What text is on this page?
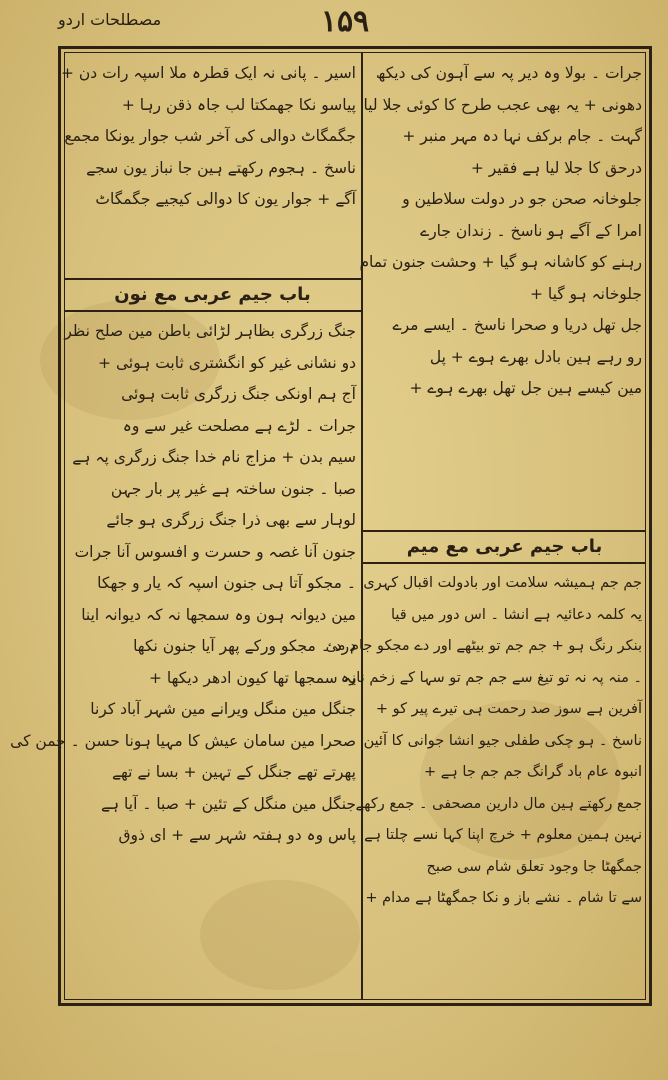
مصطلحات اردو	۱۵۹
اسیر ۔ پانی نہ ایک قطرہ ملا اسپہ رات دن +
پیاسو نکا جھمکتا لب جاہ ذقن رہا +
جگمگاٹ دوالی کی آخر شب جوار یونکا مجمع
ناسخ ۔ ہجوم رکھتے ہین جا نباز یون سجے
آگے + جوار یون کا دوالی کیجیے جگمگاٹ
باب جیم عربی مع نون
جنگ زرگری بظاہر لڑائی باطن مین صلح نظر
دو نشانی غیر کو انگشتری ثابت ہوئی +
آج ہم اونکی جنگ زرگری ثابت ہوئی
جرات ۔ لڑے ہے مصلحت غیر سے وہ
سیم بدن + مزاج نام خدا جنگ زرگری پہ ہے
صبا ۔ جنون ساختہ ہے غیر پر بار جہن
لوہار سے بھی ذرا جنگ زرگری ہو جائے
جنون آنا غصہ و حسرت و افسوس آنا جرات
۔ مجکو آتا ہی جنون اسپہ کہ یار و جھکا
مین دیوانہ ہون وہ سمجھا نہ کہ دیوانہ اینا
درد ۔ مجکو ورکے پھر آیا جنون نکھا
یہ سمجھا تھا کیون ادھر دیکھا +
جنگل مین منگل ویرانے مین شہر آباد کرنا
صحرا مین سامان عیش کا مہیا ہونا حسن ۔ جمن کی
پھرتے تھے جنگل کے تہین + بسا نے تھے
جنگل مین منگل کے تئین + صبا ۔ آیا ہے
پاس وہ دو ہفتہ شہر سے + ای ذوق
جرات ۔ بولا وہ دیر پہ سے آہون کی دیکھ
دھونی + یہ بھی عجب طرح کا کوئی جلا لیا
گہت ۔ جام برکف نہا دہ مہر منبر +
درحق کا جلا لیا ہے فقیر +
جلوخانہ صحن جو در دولت سلاطین و
امرا کے آگے ہو ناسخ ۔ زندان جارے
رہنے کو کاشانہ ہو گیا + وحشت جنون تمام
جلوخانہ ہو گیا +
جل تھل دریا و صحرا ناسخ ۔ ایسے مرے
رو رہے ہین بادل بھرے ہوے + پل
مین کیسے ہین جل تھل بھرے ہوے +
باب جیم عربی مع میم
جم جم ہمیشہ سلامت اور بادولت اقبال کہری
یہ کلمہ دعائیہ ہے انشا ۔ اس دور میں قیا
بنکر رنگ ہو + جم جم تو بیٹھے اور دے مجکو جام مئ
۔ منہ پہ نہ تو تیغ سے جم جم تو سہا کے زخم نازہ
آفرین ہے سوز صد رحمت ہی تیرے پیر کو +
ناسخ ۔ ہو چکی طفلی جیو انشا جوانی کا آئین
انبوہ عام باد گرانگ جم جم جا ہے +
جمع رکھتے ہین مال دارین مصحفی ۔ جمع رکھے
نہین ہمین معلوم + خرچ اپنا کہا نسے چلتا ہے
جمگھٹا جا وجود تعلق شام سی صبح
سے تا شام ۔ نشے باز و نکا جمگھٹا ہے مدام +
